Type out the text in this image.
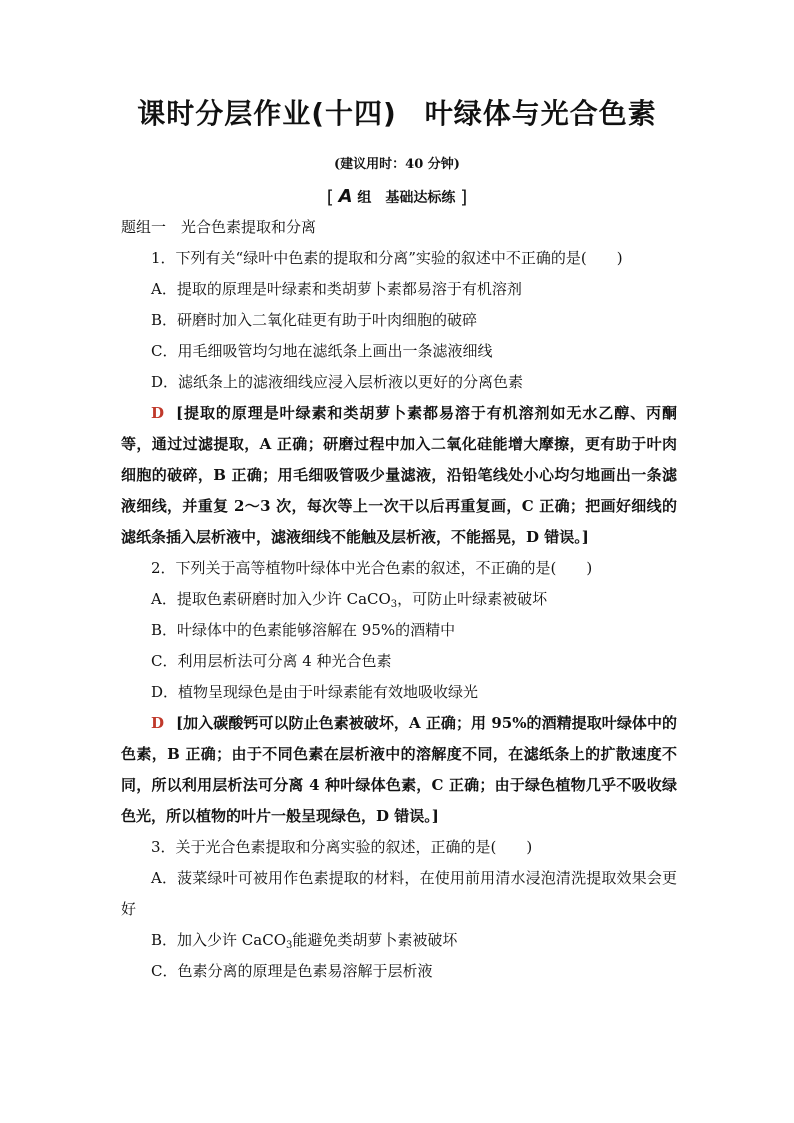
课时分层作业(十四) 叶绿体与光合色素
(建议用时：40 分钟)
[ A 组　基础达标练 ]
题组一　光合色素提取和分离
1．下列有关“绿叶中色素的提取和分离”实验的叙述中不正确的是(　　)
A．提取的原理是叶绿素和类胡萝卜素都易溶于有机溶剂
B．研磨时加入二氧化硅更有助于叶肉细胞的破碎
C．用毛细吸管均匀地在滤纸条上画出一条滤液细线
D．滤纸条上的滤液细线应浸入层析液以更好的分离色素

D [提取的原理是叶绿素和类胡萝卜素都易溶于有机溶剂如无水乙醇、丙酮等，通过过滤提取，A 正确；研磨过程中加入二氧化硅能增大摩擦，更有助于叶肉细胞的破碎，B 正确；用毛细吸管吸少量滤液，沿铅笔线处小心均匀地画出一条滤液细线，并重复 2～3 次，每次等上一次干以后再重复画，C 正确；把画好细线的滤纸条插入层析液中，滤液细线不能触及层析液，不能摇晃，D 错误。]

2．下列关于高等植物叶绿体中光合色素的叙述，不正确的是(　　)
A．提取色素研磨时加入少许 CaCO$_3$，可防止叶绿素被破坏
B．叶绿体中的色素能够溶解在 95%的酒精中
C．利用层析法可分离 4 种光合色素
D．植物呈现绿色是由于叶绿素能有效地吸收绿光

D [加入碳酸钙可以防止色素被破坏，A 正确；用 95%的酒精提取叶绿体中的色素，B 正确；由于不同色素在层析液中的溶解度不同，在滤纸条上的扩散速度不同，所以利用层析法可分离 4 种叶绿体色素，C 正确；由于绿色植物几乎不吸收绿色光，所以植物的叶片一般呈现绿色，D 错误。]

3．关于光合色素提取和分离实验的叙述，正确的是(　　)

A．菠菜绿叶可被用作色素提取的材料，在使用前用清水浸泡清洗提取效果会更好

B．加入少许 CaCO$_3$能避免类胡萝卜素被破坏
C．色素分离的原理是色素易溶解于层析液
